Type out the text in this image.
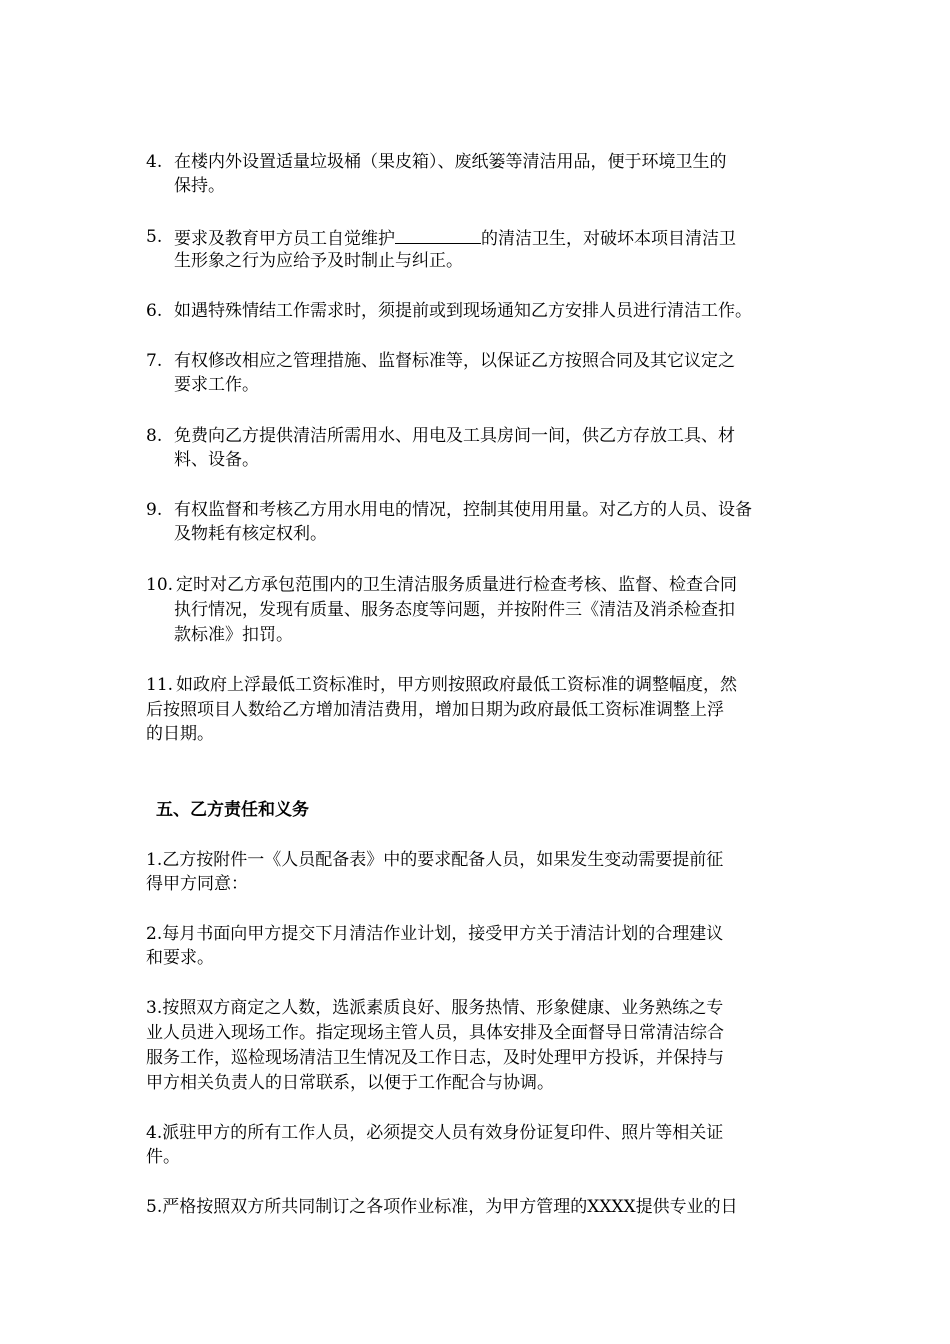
4. 在楼内外设置适量垃圾桶（果皮箱）、废纸篓等清洁用品，便于环境卫生的
保持。
5. 要求及教育甲方员工自觉维护	的清洁卫生，对破坏本项目清洁卫
生形象之行为应给予及时制止与纠正。
6. 如遇特殊情结工作需求时，须提前或到现场通知乙方安排人员进行清洁工作。
7. 有权修改相应之管理措施、监督标准等，以保证乙方按照合同及其它议定之
要求工作。
8. 免费向乙方提供清洁所需用水、用电及工具房间一间，供乙方存放工具、材
料、设备。
9. 有权监督和考核乙方用水用电的情况，控制其使用用量。对乙方的人员、设备
及物耗有核定权利。
10. 定时对乙方承包范围内的卫生清洁服务质量进行检查考核、监督、检查合同
执行情况，发现有质量、服务态度等问题，并按附件三《清洁及消杀检查扣
款标准》扣罚。
11. 如政府上浮最低工资标准时，甲方则按照政府最低工资标准的调整幅度，然
后按照项目人数给乙方增加清洁费用，增加日期为政府最低工资标准调整上浮
的日期。
五、乙方责任和义务
1.乙方按附件一《人员配备表》中的要求配备人员，如果发生变动需要提前征
得甲方同意：
2.每月书面向甲方提交下月清洁作业计划，接受甲方关于清洁计划的合理建议
和要求。
3.按照双方商定之人数，选派素质良好、服务热情、形象健康、业务熟练之专
业人员进入现场工作。指定现场主管人员，具体安排及全面督导日常清洁综合
服务工作，巡检现场清洁卫生情况及工作日志，及时处理甲方投诉，并保持与
甲方相关负责人的日常联系，以便于工作配合与协调。
4.派驻甲方的所有工作人员，必须提交人员有效身份证复印件、照片等相关证
件。
5.严格按照双方所共同制订之各项作业标准，为甲方管理的XXXX提供专业的日
